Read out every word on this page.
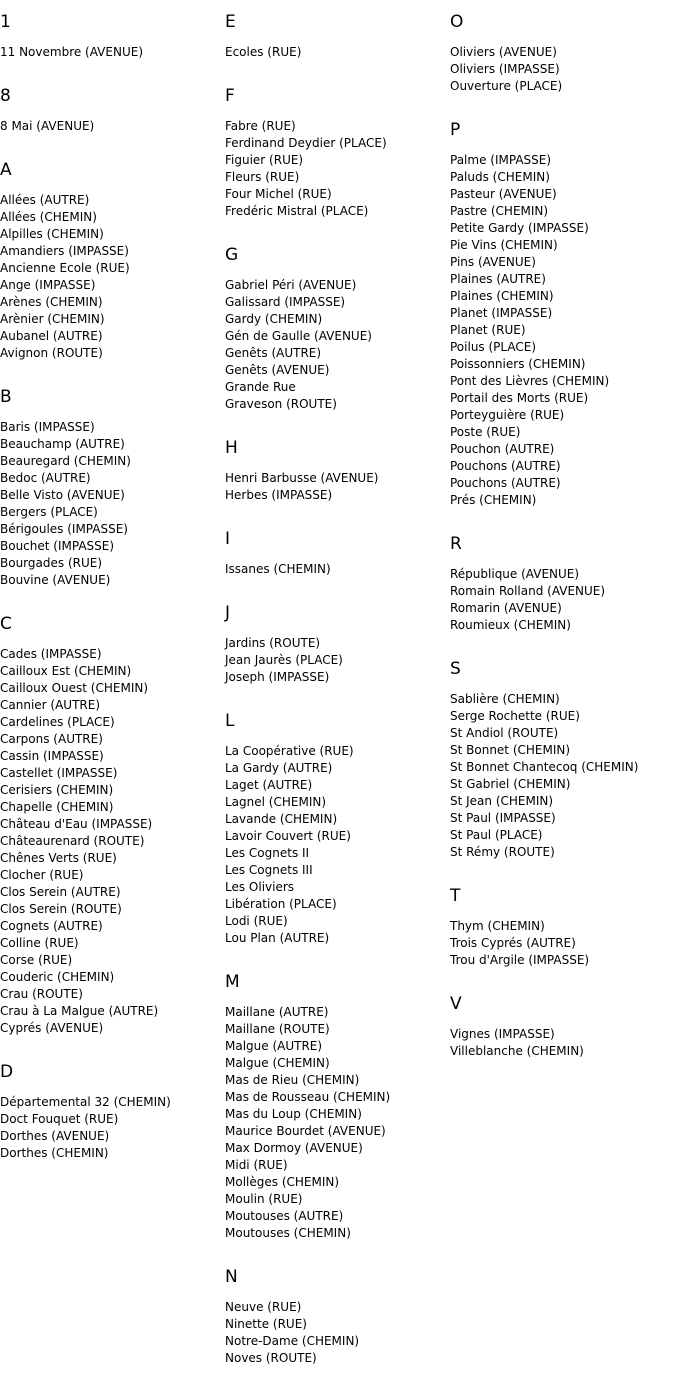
1
11 Novembre (AVENUE)
8
8 Mai (AVENUE)
A
Allées (AUTRE)
Allées (CHEMIN)
Alpilles (CHEMIN)
Amandiers (IMPASSE)
Ancienne Ecole (RUE)
Ange (IMPASSE)
Arènes (CHEMIN)
Arènier (CHEMIN)
Aubanel (AUTRE)
Avignon (ROUTE)
B
Baris (IMPASSE)
Beauchamp (AUTRE)
Beauregard (CHEMIN)
Bedoc (AUTRE)
Belle Visto (AVENUE)
Bergers (PLACE)
Bérigoules (IMPASSE)
Bouchet (IMPASSE)
Bourgades (RUE)
Bouvine (AVENUE)
C
Cades (IMPASSE)
Cailloux Est (CHEMIN)
Cailloux Ouest (CHEMIN)
Cannier (AUTRE)
Cardelines (PLACE)
Carpons (AUTRE)
Cassin (IMPASSE)
Castellet (IMPASSE)
Cerisiers (CHEMIN)
Chapelle (CHEMIN)
Château d'Eau (IMPASSE)
Châteaurenard (ROUTE)
Chênes Verts (RUE)
Clocher (RUE)
Clos Serein (AUTRE)
Clos Serein (ROUTE)
Cognets (AUTRE)
Colline (RUE)
Corse (RUE)
Couderic (CHEMIN)
Crau (ROUTE)
Crau à La Malgue (AUTRE)
Cyprés (AVENUE)
D
Départemental 32 (CHEMIN)
Doct Fouquet (RUE)
Dorthes (AVENUE)
Dorthes (CHEMIN)
E
Ecoles (RUE)
F
Fabre (RUE)
Ferdinand Deydier (PLACE)
Figuier (RUE)
Fleurs (RUE)
Four Michel (RUE)
Fredéric Mistral (PLACE)
G
Gabriel Péri (AVENUE)
Galissard (IMPASSE)
Gardy (CHEMIN)
Gén de Gaulle (AVENUE)
Genêts (AUTRE)
Genêts (AVENUE)
Grande Rue
Graveson (ROUTE)
H
Henri Barbusse (AVENUE)
Herbes (IMPASSE)
I
Issanes (CHEMIN)
J
Jardins (ROUTE)
Jean Jaurès (PLACE)
Joseph (IMPASSE)
L
La Coopérative (RUE)
La Gardy (AUTRE)
Laget (AUTRE)
Lagnel (CHEMIN)
Lavande (CHEMIN)
Lavoir Couvert (RUE)
Les Cognets II
Les Cognets III
Les Oliviers
Libération (PLACE)
Lodi (RUE)
Lou Plan (AUTRE)
M
Maillane (AUTRE)
Maillane (ROUTE)
Malgue (AUTRE)
Malgue (CHEMIN)
Mas de Rieu (CHEMIN)
Mas de Rousseau (CHEMIN)
Mas du Loup (CHEMIN)
Maurice Bourdet (AVENUE)
Max Dormoy (AVENUE)
Midi (RUE)
Mollèges (CHEMIN)
Moulin (RUE)
Moutouses (AUTRE)
Moutouses (CHEMIN)
N
Neuve (RUE)
Ninette (RUE)
Notre-Dame (CHEMIN)
Noves (ROUTE)
O
Oliviers (AVENUE)
Oliviers (IMPASSE)
Ouverture (PLACE)
P
Palme (IMPASSE)
Paluds (CHEMIN)
Pasteur (AVENUE)
Pastre (CHEMIN)
Petite Gardy (IMPASSE)
Pie Vins (CHEMIN)
Pins (AVENUE)
Plaines (AUTRE)
Plaines (CHEMIN)
Planet (IMPASSE)
Planet (RUE)
Poilus (PLACE)
Poissonniers (CHEMIN)
Pont des Lièvres (CHEMIN)
Portail des Morts (RUE)
Porteyguière (RUE)
Poste (RUE)
Pouchon (AUTRE)
Pouchons (AUTRE)
Pouchons (AUTRE)
Prés (CHEMIN)
R
République (AVENUE)
Romain Rolland (AVENUE)
Romarin (AVENUE)
Roumieux (CHEMIN)
S
Sablière (CHEMIN)
Serge Rochette (RUE)
St Andiol (ROUTE)
St Bonnet (CHEMIN)
St Bonnet Chantecoq (CHEMIN)
St Gabriel (CHEMIN)
St Jean (CHEMIN)
St Paul (IMPASSE)
St Paul (PLACE)
St Rémy (ROUTE)
T
Thym (CHEMIN)
Trois Cyprés (AUTRE)
Trou d'Argile (IMPASSE)
V
Vignes (IMPASSE)
Villeblanche (CHEMIN)
